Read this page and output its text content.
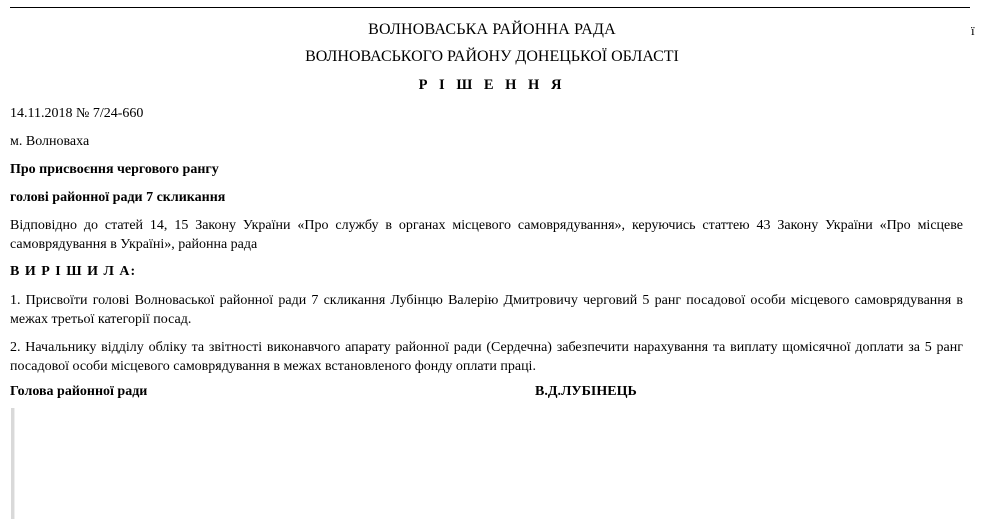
ї
ВОЛНОВАСЬКА РАЙОННА РАДА
ВОЛНОВАСЬКОГО РАЙОНУ ДОНЕЦЬКОЇ ОБЛАСТІ
Р І Ш Е Н Н Я
14.11.2018 № 7/24-660
м. Волноваха
Про присвоєння чергового рангу
голові районної ради 7 скликання
Відповідно до статей 14, 15 Закону України «Про службу в органах місцевого самоврядування», керуючись статтею 43 Закону України «Про місцеве самоврядування в Україні», районна рада
В И Р І Ш И Л А:
1. Присвоїти голові Волноваської районної ради 7 скликання Лубінцю Валерію Дмитровичу черговий 5 ранг посадової особи місцевого самоврядування в межах третьої категорії посад.
2. Начальнику відділу обліку та звітності виконавчого апарату районної ради (Сердечна) забезпечити нарахування та виплату щомісячної доплати за 5 ранг посадової особи місцевого самоврядування в межах встановленого фонду оплати праці.
Голова районної ради	В.Д.ЛУБІНЕЦЬ
